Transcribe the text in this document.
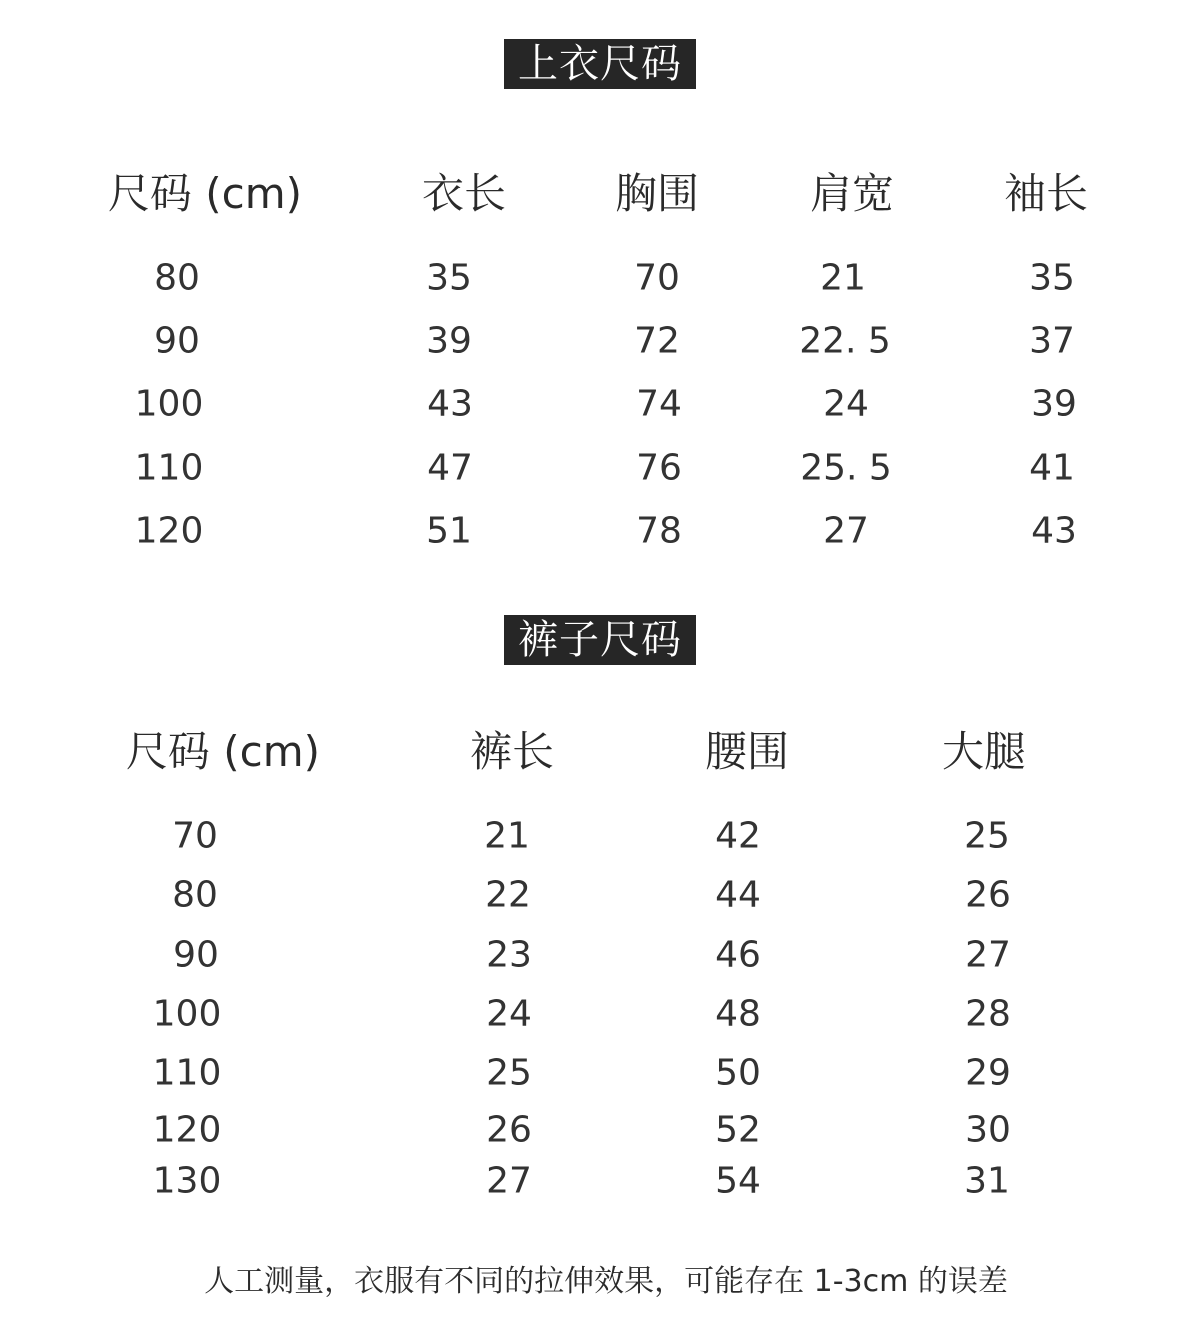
上衣尺码
裤子尺码
尺码 (cm)	衣长	胸围	肩宽	袖长
80	35	70	21	35
90	39	72	22. 5	37
100	43	74	24	39
110	47	76	25. 5	41
120	51	78	27	43
尺码 (cm)	裤长	腰围	大腿
70	21	42	25
80	22	44	26
90	23	46	27
100	24	48	28
110	25	50	29
120	26	52	30
130	27	54	31
人工测量，衣服有不同的拉伸效果，可能存在 1-3cm 的误差
